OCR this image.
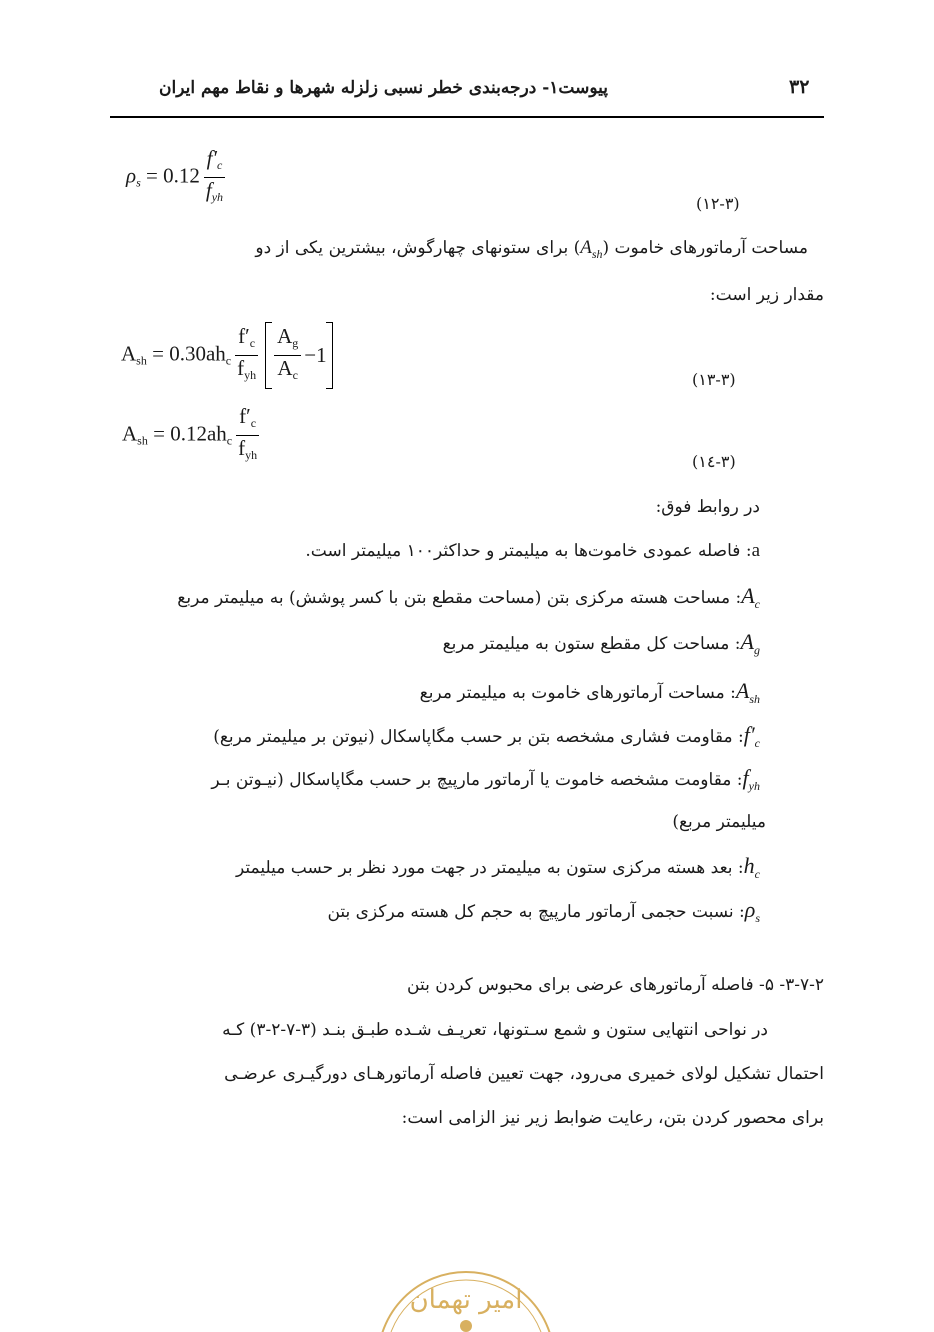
پیوست۱- درجه‌بندی خطر نسبی زلزله شهرها و نقاط مهم ایران	۳۲
$\rho_s = 0.12 \frac{f'_c}{f_{yh}}$	(۱۲-۳)
مساحت آرماتورهای خاموت $(A_{sh})$ برای ستونهای چهارگوش، بیشترین یکی از دو
مقدار زیر است:
$A_{sh} = 0.30ah_c \frac{f'_c}{f_{yh}} \frac{A_g}{A_c} -1$
(۱۳-۳)
$A_{sh} = 0.12ah_c \frac{f'_c}{f_{yh}}$	(۱٤-۳)
در روابط فوق:
a: فاصله عمودی خاموت‌ها به میلیمتر و حداکثر۱۰۰ میلیمتر است.
$A_c$: مساحت هسته مرکزی بتن (مساحت مقطع بتن با کسر پوشش) به میلیمتر مربع
$A_g$: مساحت کل مقطع ستون به میلیمتر مربع
$A_{sh}$: مساحت آرماتورهای خاموت به میلیمتر مربع
$f'_c$: مقاومت فشاری مشخصه بتن بر حسب مگاپاسکال (نیوتن بر میلیمتر مربع)
$f_{yh}$: مقاومت مشخصه خاموت یا آرماتور مارپیچ بر حسب مگاپاسکال (نیـوتن بـر
میلیمتر مربع)
$h_c$: بعد هسته مرکزی ستون به میلیمتر در جهت مورد نظر بر حسب میلیمتر
$\rho_s$: نسبت حجمی آرماتور مارپیچ به حجم کل هسته مرکزی بتن
۳-۷-۲- ۵- فاصله آرماتورهای عرضی برای محبوس کردن بتن
در نواحی انتهایی ستون و شمع سـتونها، تعریـف شـده طبـق بنـد (۳-۷-۲-۳) کـه
احتمال تشکیل لولای خمیری می‌رود، جهت تعیین فاصله آرماتورهـای دورگیـری عرضـی
برای محصور کردن بتن، رعایت ضوابط زیر نیز الزامی است:
امیر تهمان
